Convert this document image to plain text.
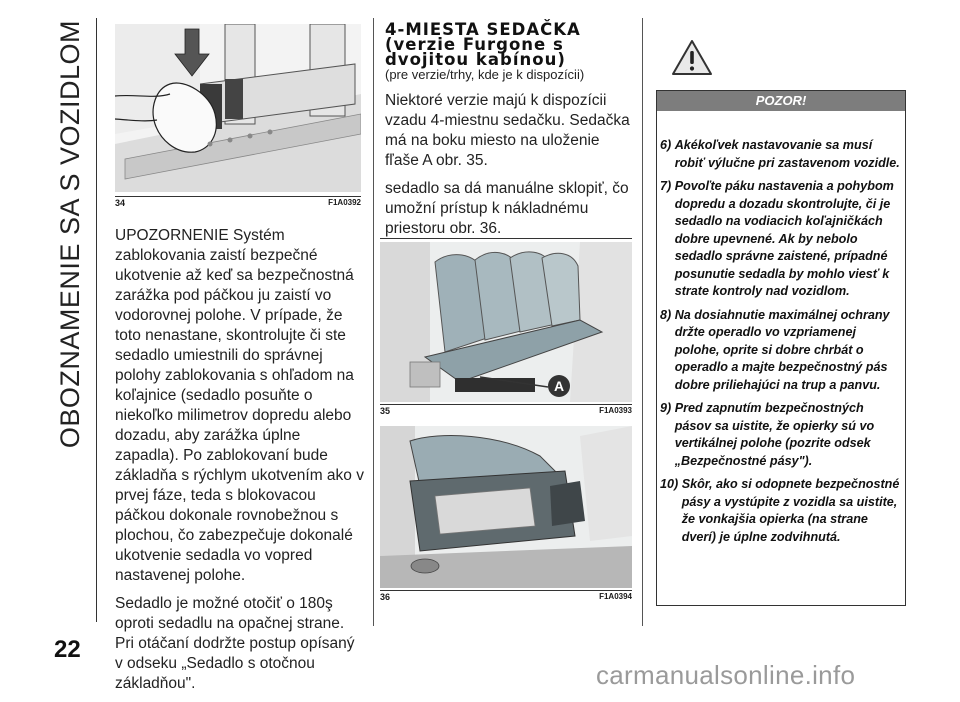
OBOZNAMENIE SA S VOZIDLOM
22
carmanualsonline.info
34	F1A0392

UPOZORNENIE Systém zablokovania zaistí bezpečné ukotvenie až keď sa bezpečnostná zarážka pod páčkou ju zaistí vo vodorovnej polohe. V prípade, že toto nenastane, skontrolujte či ste sedadlo umiestnili do správnej polohy zablokovania s ohľadom na koľajnice (sedadlo posuňte o niekoľko milimetrov dopredu alebo dozadu, aby zarážka úplne zapadla). Po zablokovaní bude základňa s rýchlym ukotvením ako v prvej fáze, teda s blokovacou páčkou dokonale rovnobežnou s plochou, čo zabezpečuje dokonalé ukotvenie sedadla vo vopred nastavenej polohe.

Sedadlo je možné otočiť o 180ş oproti sedadlu na opačnej strane. Pri otáčaní dodržte postup opísaný v odseku „Sedadlo s otočnou základňou".

4-MIESTA SEDAČKA
(verzie Furgone s
dvojitou kabínou)
(pre verzie/trhy, kde je k dispozícii)

Niektoré verzie majú k dispozícii vzadu 4-miestnu sedačku. Sedačka má na boku miesto na uloženie fľaše A obr. 35.

sedadlo sa dá manuálne sklopiť, čo umožní prístup k nákladnému priestoru obr. 36.

A
35	F1A0393
36	F1A0394
POZOR!
6) Akékoľvek nastavovanie sa musí robiť výlučne pri zastavenom vozidle.
7) Povoľte páku nastavenia a pohybom dopredu a dozadu skontrolujte, či je sedadlo na vodiacich koľajničkách dobre upevnené. Ak by nebolo sedadlo správne zaistené, prípadné posunutie sedadla by mohlo viesť k strate kontroly nad vozidlom.
8) Na dosiahnutie maximálnej ochrany držte operadlo vo vzpriamenej polohe, oprite si dobre chrbát o operadlo a majte bezpečnostný pás dobre priliehajúci na trup a panvu.
9) Pred zapnutím bezpečnostných pásov sa uistite, že opierky sú vo vertikálnej polohe (pozrite odsek „Bezpečnostné pásy").
10) Skôr, ako si odopnete bezpečnostné pásy a vystúpite z vozidla sa uistite, že vonkajšia opierka (na strane dverí) je úplne zodvihnutá.
